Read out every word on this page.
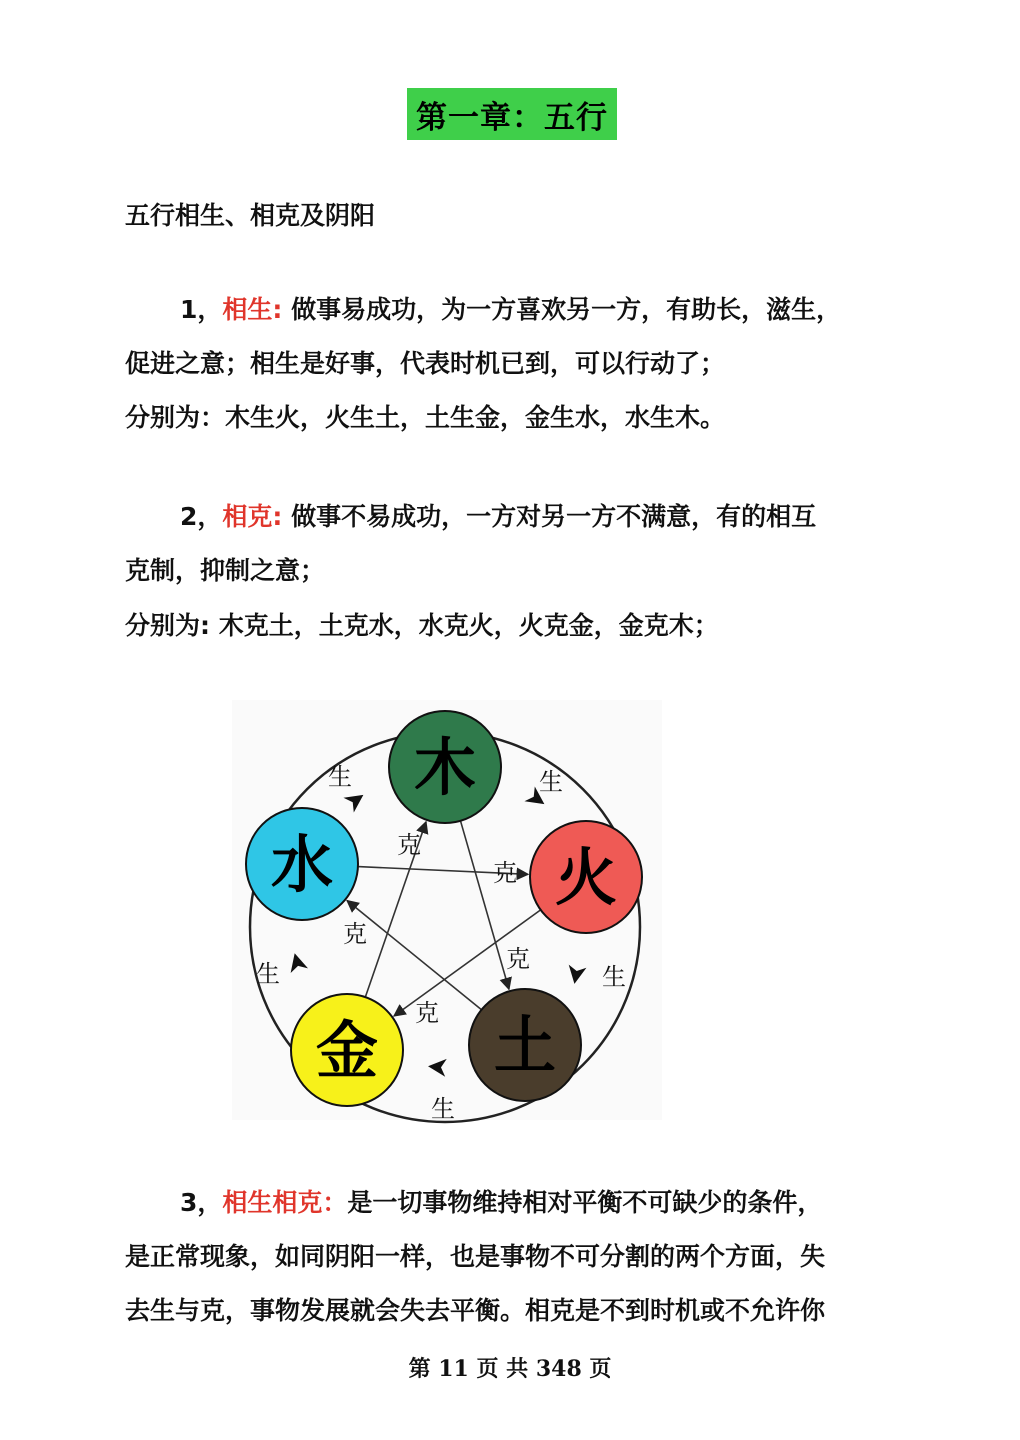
第一章：五行
五行相生、相克及阴阳
1，相生: 做事易成功，为一方喜欢另一方，有助长，滋生，
促进之意；相生是好事，代表时机已到，可以行动了；
分别为：木生火，火生土，土生金，金生水，水生木。
2，相克: 做事不易成功，一方对另一方不满意，有的相互
克制，抑制之意；
分别为: 木克土，土克水，水克火，火克金，金克木；
木
火
土
金
水
生	生
生
生
生
克
克
克
克
克
3，相生相克：是一切事物维持相对平衡不可缺少的条件，
是正常现象，如同阴阳一样，也是事物不可分割的两个方面，失
去生与克，事物发展就会失去平衡。相克是不到时机或不允许你
第 11 页 共 348 页
